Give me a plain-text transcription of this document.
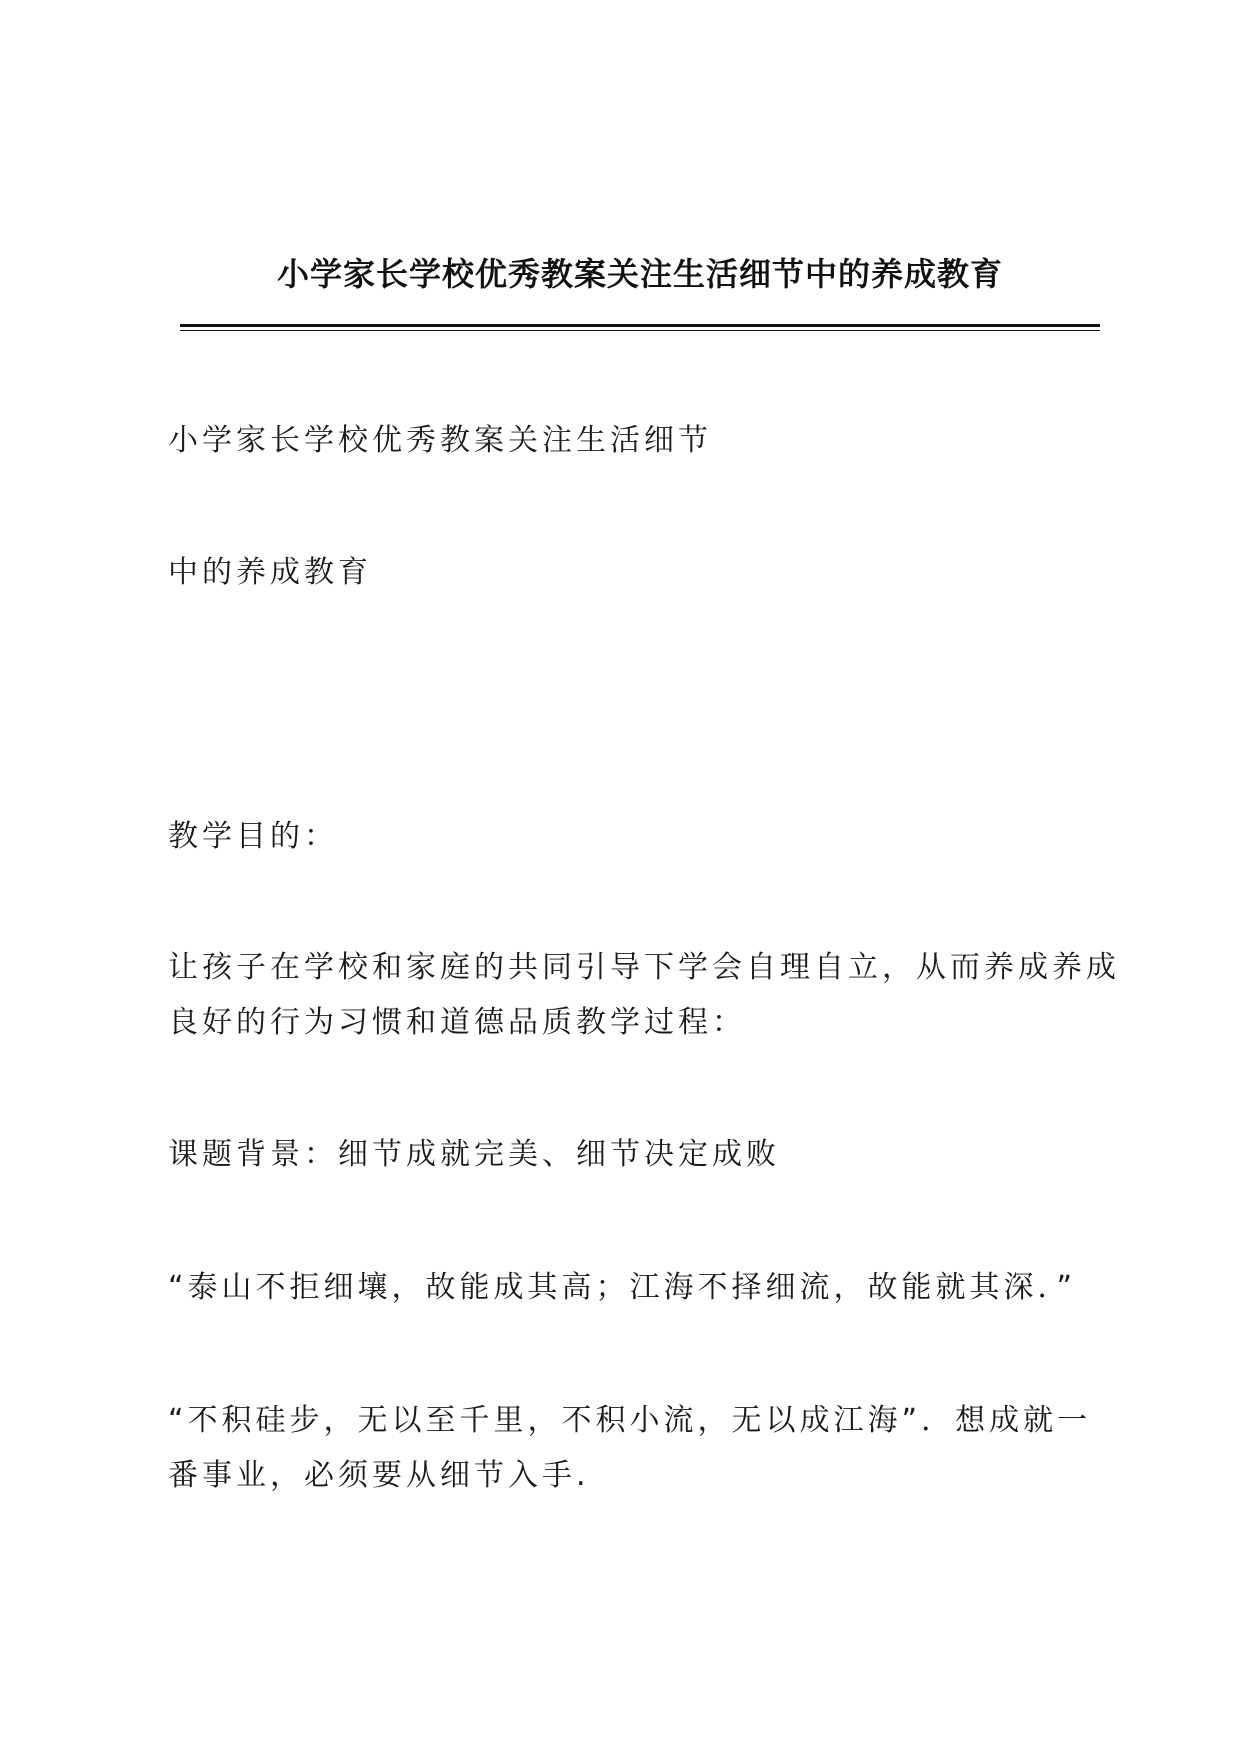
小学家长学校优秀教案关注生活细节中的养成教育
小学家长学校优秀教案关注生活细节
中的养成教育
教学目的：
让孩子在学校和家庭的共同引导下学会自理自立，从而养成养成
良好的行为习惯和道德品质教学过程：
课题背景：细节成就完美、细节决定成败
“泰山不拒细壤，故能成其高；江海不择细流，故能就其深．”
“不积硅步，无以至千里，不积小流，无以成江海”．想成就一
番事业，必须要从细节入手.
